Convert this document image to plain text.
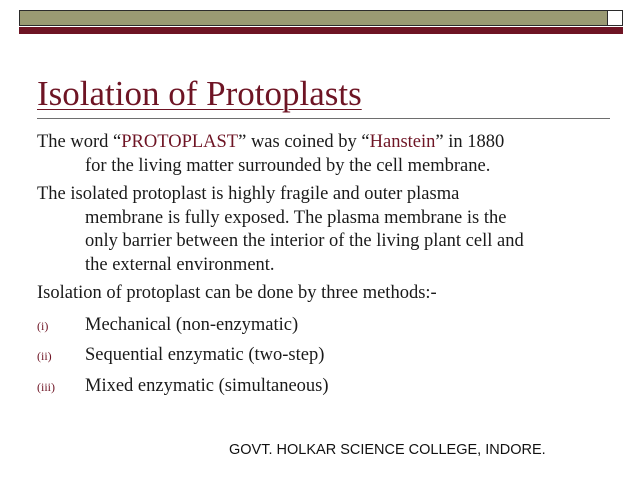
Isolation of Protoplasts
The word “PROTOPLAST” was coined by “Hanstein” in 1880
for the living matter surrounded by the cell membrane.
The isolated protoplast is highly fragile and outer plasma
membrane is fully exposed. The plasma membrane is the
only barrier between the interior of the living plant cell and
the external environment.
Isolation of protoplast can be done by three methods:-
(i)	Mechanical (non-enzymatic)
(ii)	Sequential enzymatic (two-step)
(iii)	Mixed enzymatic (simultaneous)
GOVT. HOLKAR SCIENCE COLLEGE, INDORE.
